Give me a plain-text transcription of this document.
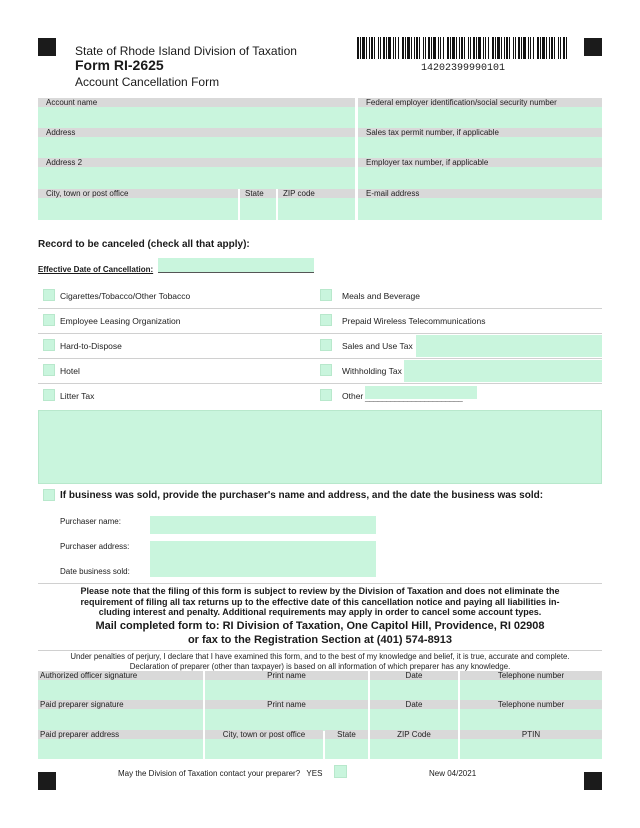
State of Rhode Island Division of Taxation
Form RI-2625
Account Cancellation Form
14202399990101
Account name	Federal employer identification/social security number
Address	Sales tax permit number, if applicable
Address 2	Employer tax number, if applicable
City, town or post office	State	ZIP code	E-mail address
Record to be canceled (check all that apply):
Effective Date of Cancellation:
Cigarettes/Tobacco/Other Tobacco
Employee Leasing Organization
Hard-to-Dispose
Hotel
Litter Tax
Meals and Beverage
Prepaid Wireless Telecommunications
Sales and Use Tax
Withholding Tax
Other _______________________
If business was sold, provide the purchaser's name and address, and the date the business was sold:
Purchaser name:
Purchaser address:
Date business sold:
Please note that the filing of this form is subject to review by the Division of Taxation and does not eliminate the
requirement of filing all tax returns up to the effective date of this cancellation notice and paying all liabilities in-
cluding interest and penalty. Additional requirements may apply in order to cancel some account types.
Mail completed form to: RI Division of Taxation, One Capitol Hill, Providence, RI 02908
or fax to the Registration Section at (401) 574-8913
Under penalties of perjury, I declare that I have examined this form, and to the best of my knowledge and belief, it is true, accurate and complete.
Declaration of preparer (other than taxpayer) is based on all information of which preparer has any knowledge.
Authorized officer signature	Print name	Date	Telephone number
Paid preparer signature	Print name	Date	Telephone number
Paid preparer address	City, town or post office	State	ZIP Code	PTIN
May the Division of Taxation contact your preparer? YES	New 04/2021
